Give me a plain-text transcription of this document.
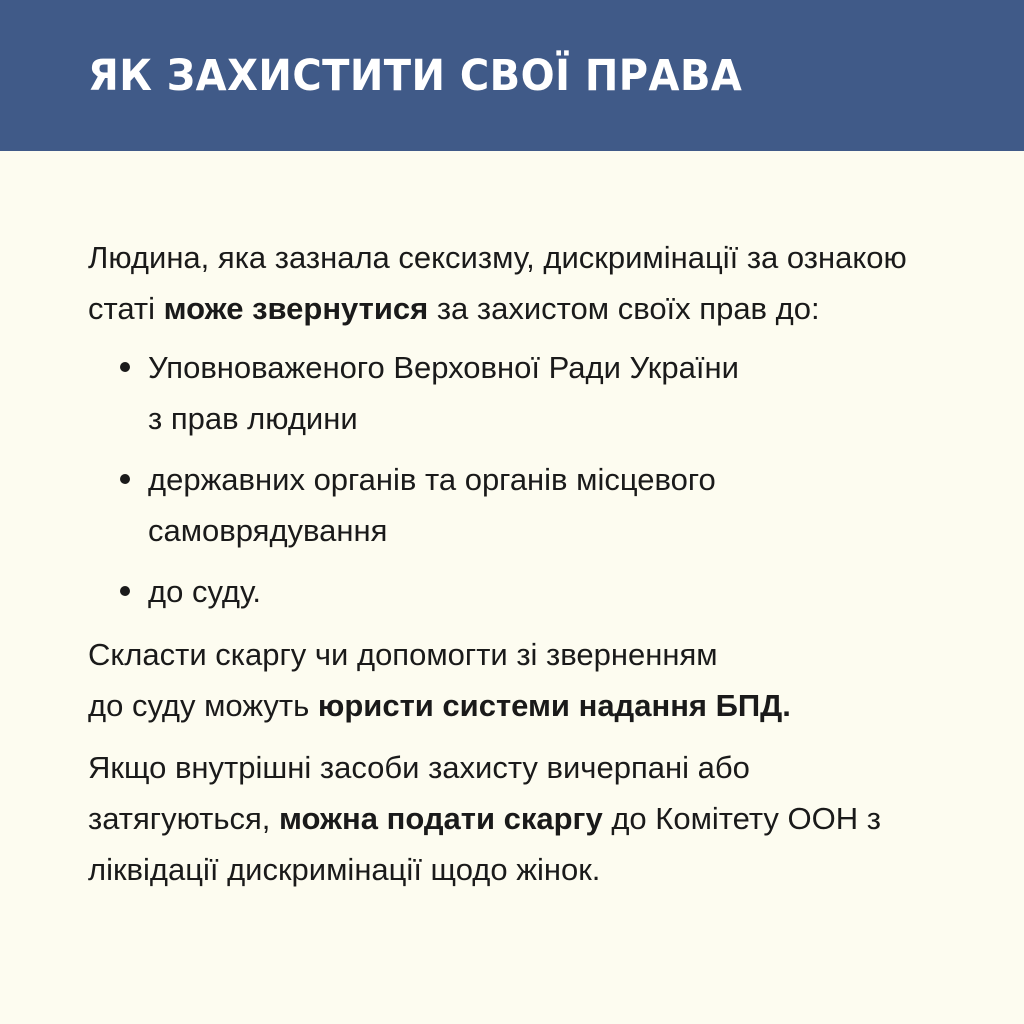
ЯК ЗАХИСТИТИ СВОЇ ПРАВА

Людина, яка зазнала сексизму, дискримінації за ознакою статі може звернутися за захистом своїх прав до:

Уповноваженого Верховної Ради України
з прав людини
державних органів та органів місцевого
самоврядування
до суду.

Скласти скаргу чи допомогти зі зверненням
до суду можуть юристи системи надання БПД.

Якщо внутрішні засоби захисту вичерпані або затягуються, можна подати скаргу до Комітету ООН з ліквідації дискримінації щодо жінок.
